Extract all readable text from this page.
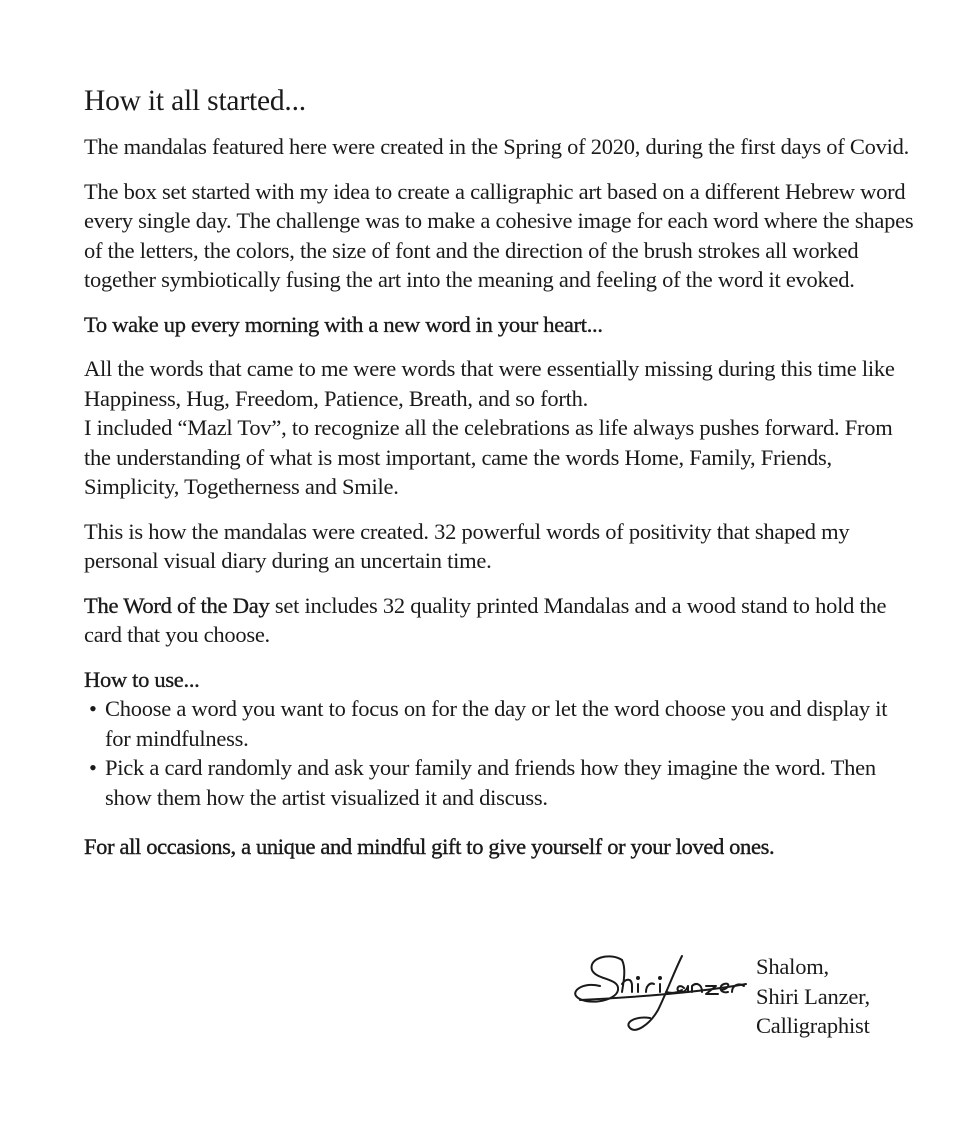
How it all started...

The mandalas featured here were created in the Spring of 2020, during the first days of Covid.

The box set started with my idea to create a calligraphic art based on a different Hebrew word every single day. The challenge was to make a cohesive image for each word where the shapes of the letters, the colors, the size of font and the direction of the brush strokes all worked together symbiotically fusing the art into the meaning and feeling of the word it evoked.

To wake up every morning with a new word in your heart...

All the words that came to me were words that were essentially missing during this time like Happiness, Hug, Freedom, Patience, Breath, and so forth.
I included “Mazl Tov”, to recognize all the celebrations as life always pushes forward. From the understanding of what is most important, came the words Home, Family, Friends, Simplicity, Togetherness and Smile.

This is how the mandalas were created. 32 powerful words of positivity that shaped my personal visual diary during an uncertain time.

The Word of the Day set includes 32 quality printed Mandalas and a wood stand to hold the card that you choose.

How to use...

• Choose a word you want to focus on for the day or let the word choose you and display it for mindfulness.
• Pick a card randomly and ask your family and friends how they imagine the word. Then show them how the artist visualized it and discuss.

For all occasions, a unique and mindful gift to give yourself or your loved ones.

Shalom,
Shiri Lanzer,
Calligraphist
